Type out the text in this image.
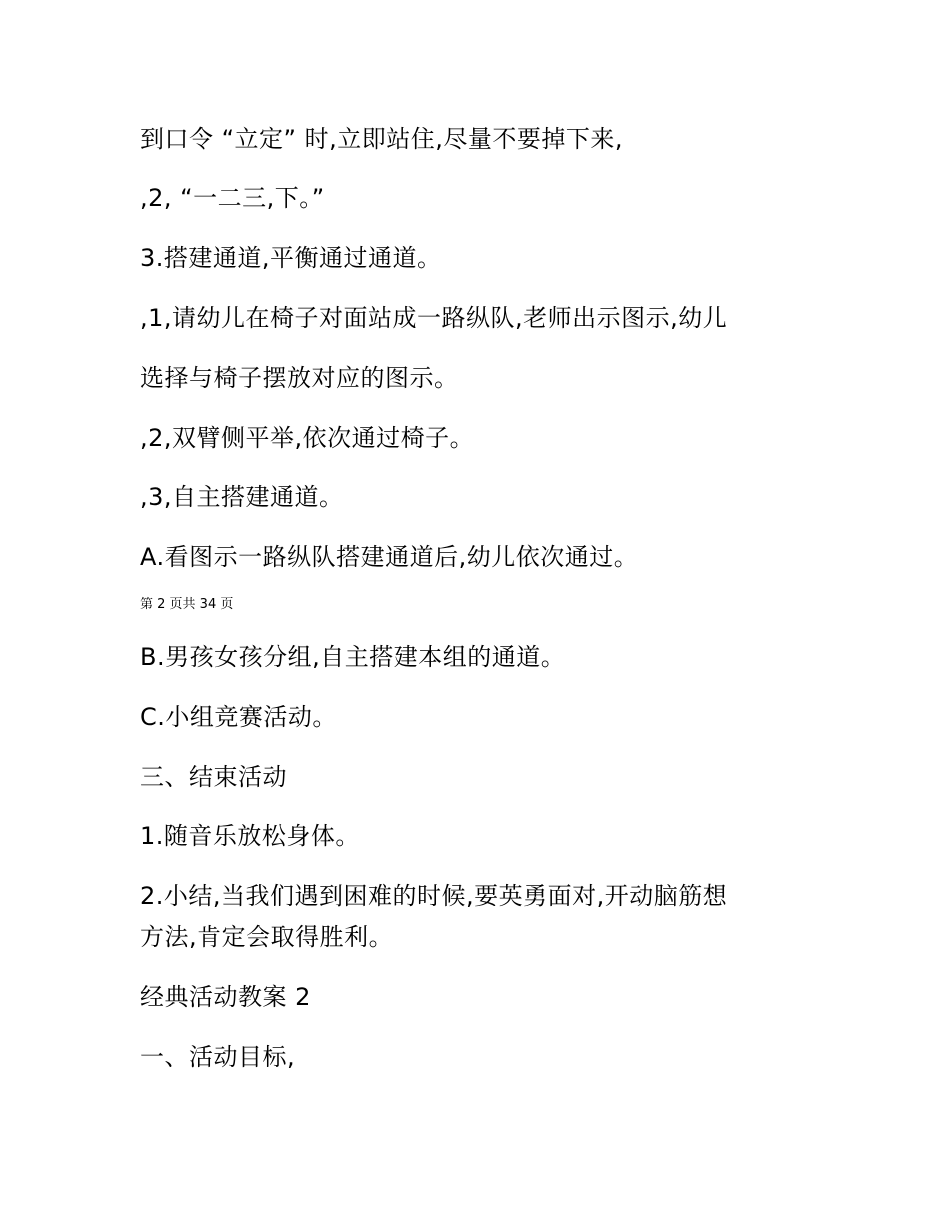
到口令 “立定” 时,立即站住,尽量不要掉下来,
,2, “一二三,下。”
3.搭建通道,平衡通过通道。
,1,请幼儿在椅子对面站成一路纵队,老师出示图示,幼儿
选择与椅子摆放对应的图示。
,2,双臂侧平举,依次通过椅子。
,3,自主搭建通道。
A.看图示一路纵队搭建通道后,幼儿依次通过。
第 2 页共 34 页
B.男孩女孩分组,自主搭建本组的通道。
C.小组竞赛活动。
三、结束活动
1.随音乐放松身体。
2.小结,当我们遇到困难的时候,要英勇面对,开动脑筋想
方法,肯定会取得胜利。
经典活动教案 2
一、活动目标,
